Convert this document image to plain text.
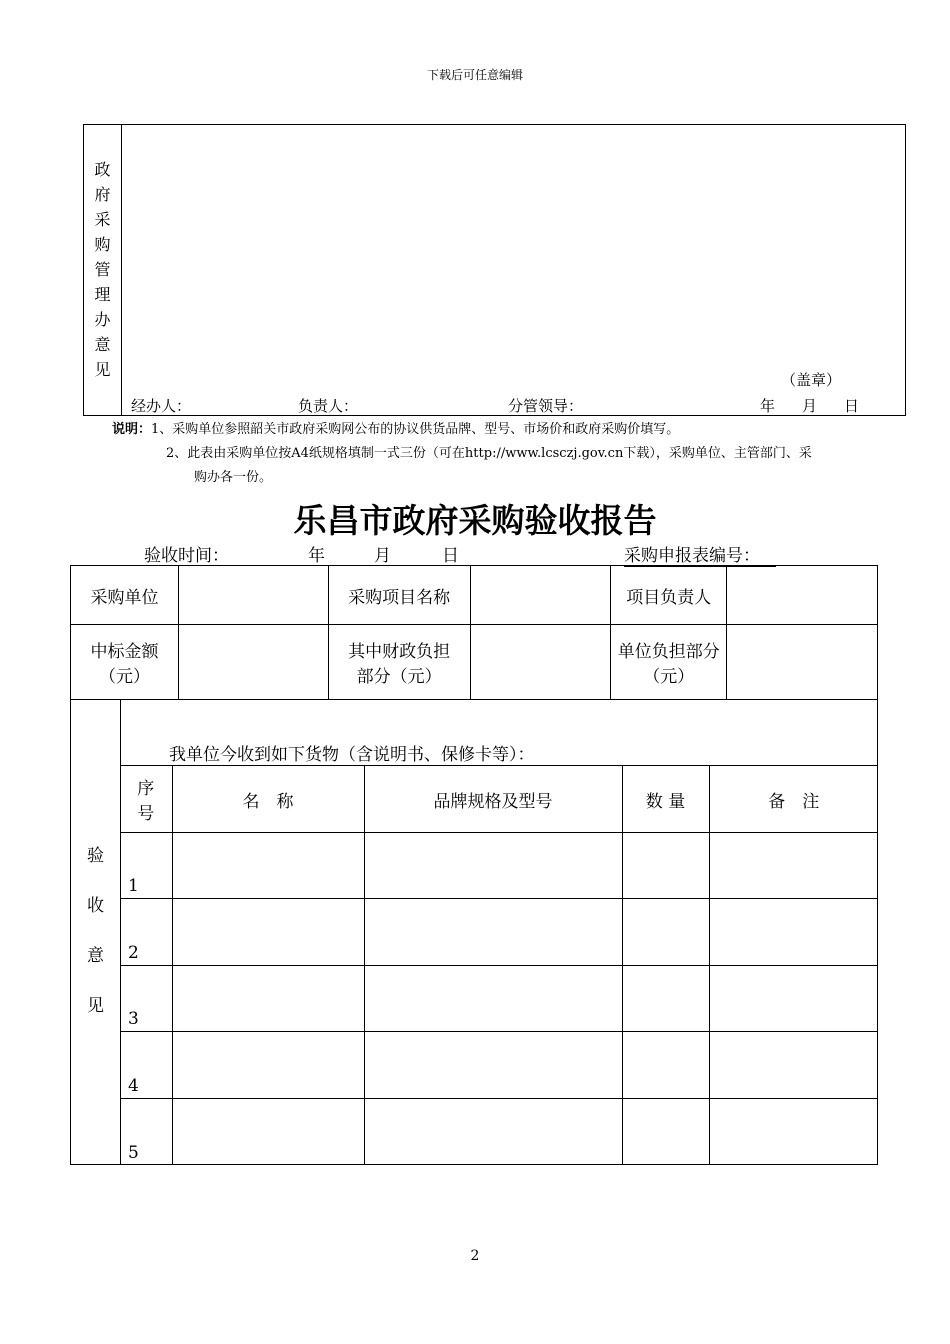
下载后可任意编辑
政
府
采
购
管
理
办
意
见
（盖章）
经办人：	负责人：	分管领导：	年 月 日
说明：1、采购单位参照韶关市政府采购网公布的协议供货品牌、型号、市场价和政府采购价填写。
2、此表由采购单位按A4纸规格填制一式三份（可在http://www.lcsczj.gov.cn下载），采购单位、主管部门、采
购办各一份。
乐昌市政府采购验收报告
验收时间：	年	月	日	采购申报表编号：
采购单位		采购项目名称		项目负责人	
中标金额（元）		其中财政负担部分（元）		单位负担部分（元）	
验
收
意
见
我单位今收到如下货物（含说明书、保修卡等）：
序号	名　称	品牌规格及型号	数 量	备　注
1				
2				
3				
4				
5				
2
